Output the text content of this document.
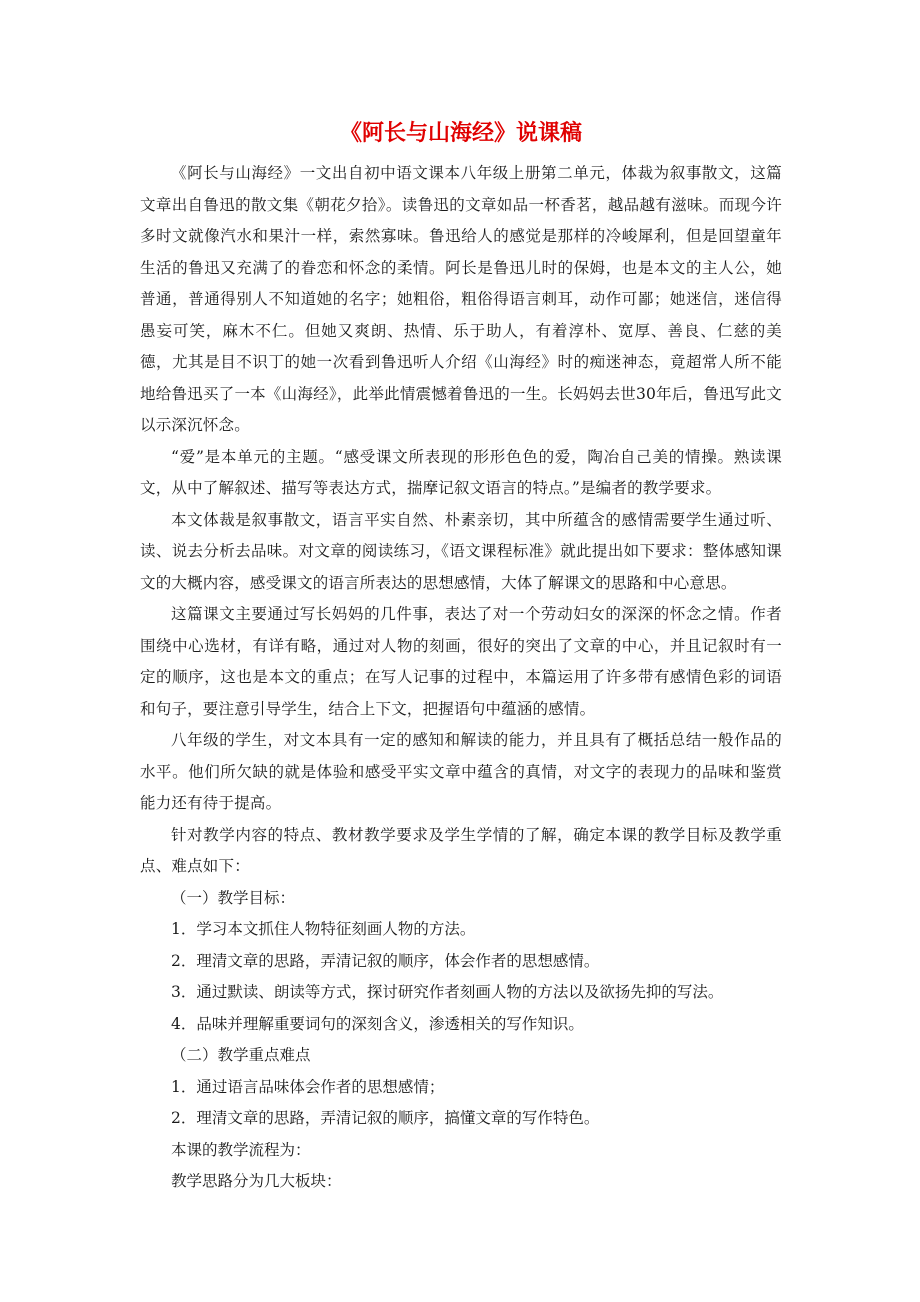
《阿长与山海经》说课稿

《阿长与山海经》一文出自初中语文课本八年级上册第二单元，体裁为叙事散文，这篇文章出自鲁迅的散文集《朝花夕拾》。读鲁迅的文章如品一杯香茗，越品越有滋味。而现今许多时文就像汽水和果汁一样，索然寡味。鲁迅给人的感觉是那样的冷峻犀利，但是回望童年生活的鲁迅又充满了的眷恋和怀念的柔情。阿长是鲁迅儿时的保姆，也是本文的主人公，她普通，普通得别人不知道她的名字；她粗俗，粗俗得语言刺耳，动作可鄙；她迷信，迷信得愚妄可笑，麻木不仁。但她又爽朗、热情、乐于助人，有着淳朴、宽厚、善良、仁慈的美德，尤其是目不识丁的她一次看到鲁迅听人介绍《山海经》时的痴迷神态，竟超常人所不能地给鲁迅买了一本《山海经》，此举此情震憾着鲁迅的一生。长妈妈去世30年后，鲁迅写此文以示深沉怀念。

“爱”是本单元的主题。“感受课文所表现的形形色色的爱，陶冶自己美的情操。熟读课文，从中了解叙述、描写等表达方式，揣摩记叙文语言的特点。”是编者的教学要求。

本文体裁是叙事散文，语言平实自然、朴素亲切，其中所蕴含的感情需要学生通过听、读、说去分析去品味。对文章的阅读练习，《语文课程标准》就此提出如下要求：整体感知课文的大概内容，感受课文的语言所表达的思想感情，大体了解课文的思路和中心意思。

这篇课文主要通过写长妈妈的几件事，表达了对一个劳动妇女的深深的怀念之情。作者围绕中心选材，有详有略，通过对人物的刻画，很好的突出了文章的中心，并且记叙时有一定的顺序，这也是本文的重点；在写人记事的过程中，本篇运用了许多带有感情色彩的词语和句子，要注意引导学生，结合上下文，把握语句中蕴涵的感情。

八年级的学生，对文本具有一定的感知和解读的能力，并且具有了概括总结一般作品的水平。他们所欠缺的就是体验和感受平实文章中蕴含的真情，对文字的表现力的品味和鉴赏能力还有待于提高。

针对教学内容的特点、教材教学要求及学生学情的了解，确定本课的教学目标及教学重点、难点如下：

（一）教学目标：

1．学习本文抓住人物特征刻画人物的方法。

2．理清文章的思路，弄清记叙的顺序，体会作者的思想感情。

3．通过默读、朗读等方式，探讨研究作者刻画人物的方法以及欲扬先抑的写法。

4．品味并理解重要词句的深刻含义，渗透相关的写作知识。

（二）教学重点难点

1．通过语言品味体会作者的思想感情；

2．理清文章的思路，弄清记叙的顺序，搞懂文章的写作特色。

本课的教学流程为：

教学思路分为几大板块：
